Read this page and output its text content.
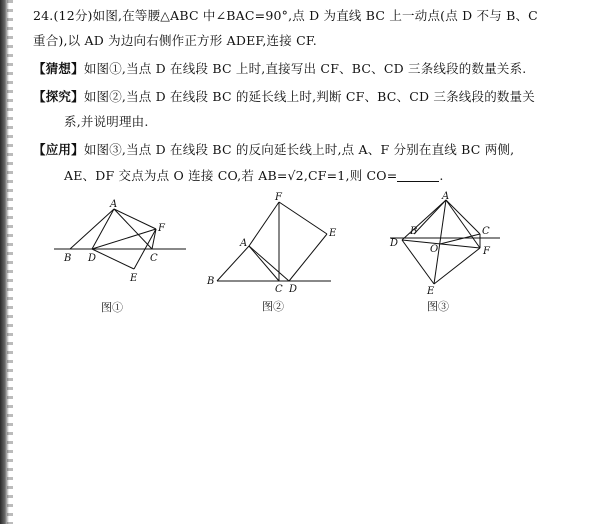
24.(12分)如图,在等腰△ABC 中∠BAC=90°,点 D 为直线 BC 上一动点(点 D 不与 B、C
重合),以 AD 为边向右侧作正方形 ADEF,连接 CF.
【猜想】如图①,当点 D 在线段 BC 上时,直接写出 CF、BC、CD 三条线段的数量关系.
【探究】如图②,当点 D 在线段 BC 的延长线上时,判断 CF、BC、CD 三条线段的数量关
系,并说明理由.
【应用】如图③,当点 D 在线段 BC 的反向延长线上时,点 A、F 分别在直线 BC 两侧,
AE、DF 交点为点 O 连接 CO,若 AB=√2,CF=1,则 CO=	.
A
B D	C
F
E
图①
F
A
E
B
C D
图②
A
B	C
D
O	F
E
图③
